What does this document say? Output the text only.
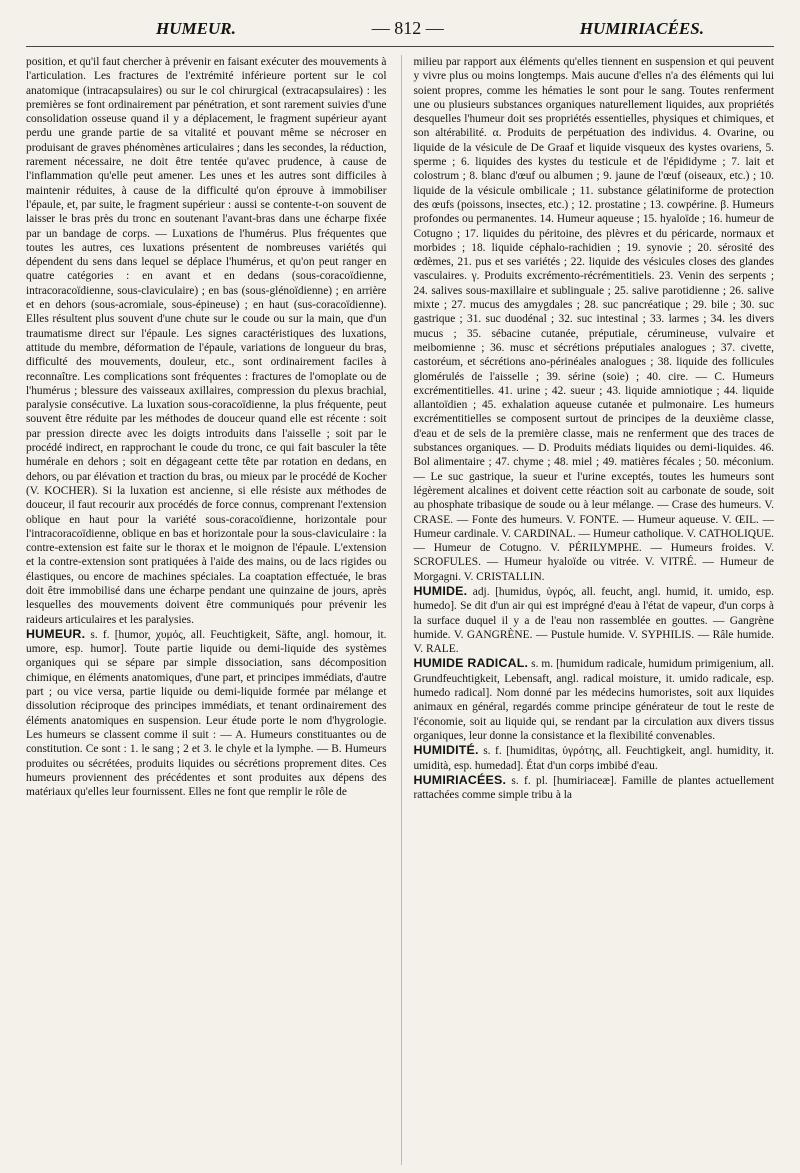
HUMEUR.	— 812 —	HUMIRIACÉES.

position, et qu'il faut chercher à prévenir en faisant exécuter des mouvements à l'articulation. Les fractures de l'extrémité inférieure portent sur le col anatomique (intracapsulaires) ou sur le col chirurgical (extracapsulaires) : les premières se font ordinairement par pénétration, et sont rarement suivies d'une consolidation osseuse quand il y a déplacement, le fragment supérieur ayant perdu une grande partie de sa vitalité et pouvant même se nécroser en produisant de graves phénomènes articulaires ; dans les secondes, la réduction, rarement nécessaire, ne doit être tentée qu'avec prudence, à cause de l'inflammation qu'elle peut amener. Les unes et les autres sont difficiles à maintenir réduites, à cause de la difficulté qu'on éprouve à immobiliser l'épaule, et, par suite, le fragment supérieur : aussi se contente-t-on souvent de laisser le bras près du tronc en soutenant l'avant-bras dans une écharpe fixée par un bandage de corps. — Luxations de l'humérus. Plus fréquentes que toutes les autres, ces luxations présentent de nombreuses variétés qui dépendent du sens dans lequel se déplace l'humérus, et qu'on peut ranger en quatre catégories : en avant et en dedans (sous-coracoïdienne, intracoracoïdienne, sous-claviculaire) ; en bas (sous-glénoïdienne) ; en arrière et en dehors (sous-acromiale, sous-épineuse) ; en haut (sus-coracoïdienne). Elles résultent plus souvent d'une chute sur le coude ou sur la main, que d'un traumatisme direct sur l'épaule. Les signes caractéristiques des luxations, attitude du membre, déformation de l'épaule, variations de longueur du bras, difficulté des mouvements, douleur, etc., sont ordinairement faciles à reconnaître. Les complications sont fréquentes : fractures de l'omoplate ou de l'humérus ; blessure des vaisseaux axillaires, compression du plexus brachial, paralysie consécutive. La luxation sous-coracoïdienne, la plus fréquente, peut souvent être réduite par les méthodes de douceur quand elle est récente : soit par pression directe avec les doigts introduits dans l'aisselle ; soit par le procédé indirect, en rapprochant le coude du tronc, ce qui fait basculer la tête humérale en dehors ; soit en dégageant cette tête par rotation en dedans, en dehors, ou par élévation et traction du bras, ou mieux par le procédé de Kocher (V. KOCHER). Si la luxation est ancienne, si elle résiste aux méthodes de douceur, il faut recourir aux procédés de force connus, comprenant l'extension oblique en haut pour la variété sous-coracoïdienne, horizontale pour l'intracoracoïdienne, oblique en bas et horizontale pour la sous-claviculaire : la contre-extension est faite sur le thorax et le moignon de l'épaule. L'extension et la contre-extension sont pratiquées à l'aide des mains, ou de lacs rigides ou élastiques, ou encore de machines spéciales. La coaptation effectuée, le bras doit être immobilisé dans une écharpe pendant une quinzaine de jours, après lesquelles des mouvements doivent être communiqués pour prévenir les raideurs articulaires et les paralysies.

HUMEUR. s. f. [humor, χυμός, all. Feuchtigkeit, Säfte, angl. homour, it. umore, esp. humor]. Toute partie liquide ou demi-liquide des systèmes organiques qui se sépare par simple dissociation, sans décomposition chimique, en éléments anatomiques, d'une part, et principes immédiats, d'autre part ; ou vice versa, partie liquide ou demi-liquide formée par mélange et dissolution réciproque des principes immédiats, et tenant ordinairement des éléments anatomiques en suspension. Leur étude porte le nom d'hygrologie. Les humeurs se classent comme il suit : — A. Humeurs constituantes ou de constitution. Ce sont : 1. le sang ; 2 et 3. le chyle et la lymphe. — B. Humeurs produites ou sécrétées, produits liquides ou sécrétions proprement dites. Ces humeurs proviennent des précédentes et sont produites aux dépens des matériaux qu'elles leur fournissent. Elles ne font que remplir le rôle de

milieu par rapport aux éléments qu'elles tiennent en suspension et qui peuvent y vivre plus ou moins longtemps. Mais aucune d'elles n'a des éléments qui lui soient propres, comme les hématies le sont pour le sang. Toutes renferment une ou plusieurs substances organiques naturellement liquides, aux propriétés desquelles l'humeur doit ses propriétés essentielles, physiques et chimiques, et son altérabilité. α. Produits de perpétuation des individus. 4. Ovarine, ou liquide de la vésicule de De Graaf et liquide visqueux des kystes ovariens, 5. sperme ; 6. liquides des kystes du testicule et de l'épididyme ; 7. lait et colostrum ; 8. blanc d'œuf ou albumen ; 9. jaune de l'œuf (oiseaux, etc.) ; 10. liquide de la vésicule ombilicale ; 11. substance gélatiniforme de protection des œufs (poissons, insectes, etc.) ; 12. prostatine ; 13. cowpérine. β. Humeurs profondes ou permanentes. 14. Humeur aqueuse ; 15. hyaloïde ; 16. humeur de Cotugno ; 17. liquides du péritoine, des plèvres et du péricarde, normaux et morbides ; 18. liquide céphalo-rachidien ; 19. synovie ; 20. sérosité des œdèmes, 21. pus et ses variétés ; 22. liquide des vésicules closes des glandes vasculaires. γ. Produits excrémento-récrémentitiels. 23. Venin des serpents ; 24. salives sous-maxillaire et sublinguale ; 25. salive parotidienne ; 26. salive mixte ; 27. mucus des amygdales ; 28. suc pancréatique ; 29. bile ; 30. suc gastrique ; 31. suc duodénal ; 32. suc intestinal ; 33. larmes ; 34. les divers mucus ; 35. sébacine cutanée, préputiale, cérumineuse, vulvaire et meibomienne ; 36. musc et sécrétions préputiales analogues ; 37. civette, castoréum, et sécrétions ano-périnéales analogues ; 38. liquide des follicules glomérulés de l'aisselle ; 39. sérine (soie) ; 40. cire. — C. Humeurs excrémentitielles. 41. urine ; 42. sueur ; 43. liquide amniotique ; 44. liquide allantoïdien ; 45. exhalation aqueuse cutanée et pulmonaire. Les humeurs excrémentitielles se composent surtout de principes de la deuxième classe, d'eau et de sels de la première classe, mais ne renferment que des traces de substances organiques. — D. Produits médiats liquides ou demi-liquides. 46. Bol alimentaire ; 47. chyme ; 48. miel ; 49. matières fécales ; 50. méconium. — Le suc gastrique, la sueur et l'urine exceptés, toutes les humeurs sont légèrement alcalines et doivent cette réaction soit au carbonate de soude, soit au phosphate tribasique de soude ou à leur mélange. — Crase des humeurs. V. CRASE. — Fonte des humeurs. V. FONTE. — Humeur aqueuse. V. ŒIL. — Humeur cardinale. V. CARDINAL. — Humeur catholique. V. CATHOLIQUE. — Humeur de Cotugno. V. PÉRILYMPHE. — Humeurs froides. V. SCROFULES. — Humeur hyaloïde ou vitrée. V. VITRÉ. — Humeur de Morgagni. V. CRISTALLIN.

HUMIDE. adj. [humidus, ὑγρός, all. feucht, angl. humid, it. umido, esp. humedo]. Se dit d'un air qui est imprégné d'eau à l'état de vapeur, d'un corps à la surface duquel il y a de l'eau non rassemblée en gouttes. — Gangrène humide. V. GANGRÈNE. — Pustule humide. V. SYPHILIS. — Râle humide. V. RALE.

HUMIDE RADICAL. s. m. [humidum radicale, humidum primigenium, all. Grundfeuchtigkeit, Lebensaft, angl. radical moisture, it. umido radicale, esp. humedo radical]. Nom donné par les médecins humoristes, soit aux liquides animaux en général, regardés comme principe générateur de tout le reste de l'économie, soit au liquide qui, se rendant par la circulation aux divers tissus organiques, leur donne la consistance et la flexibilité convenables.

HUMIDITÉ. s. f. [humiditas, ὑγρότης, all. Feuchtigkeit, angl. humidity, it. umidità, esp. humedad]. État d'un corps imbibé d'eau.

HUMIRIACÉES. s. f. pl. [humiriaceæ]. Famille de plantes actuellement rattachées comme simple tribu à la
